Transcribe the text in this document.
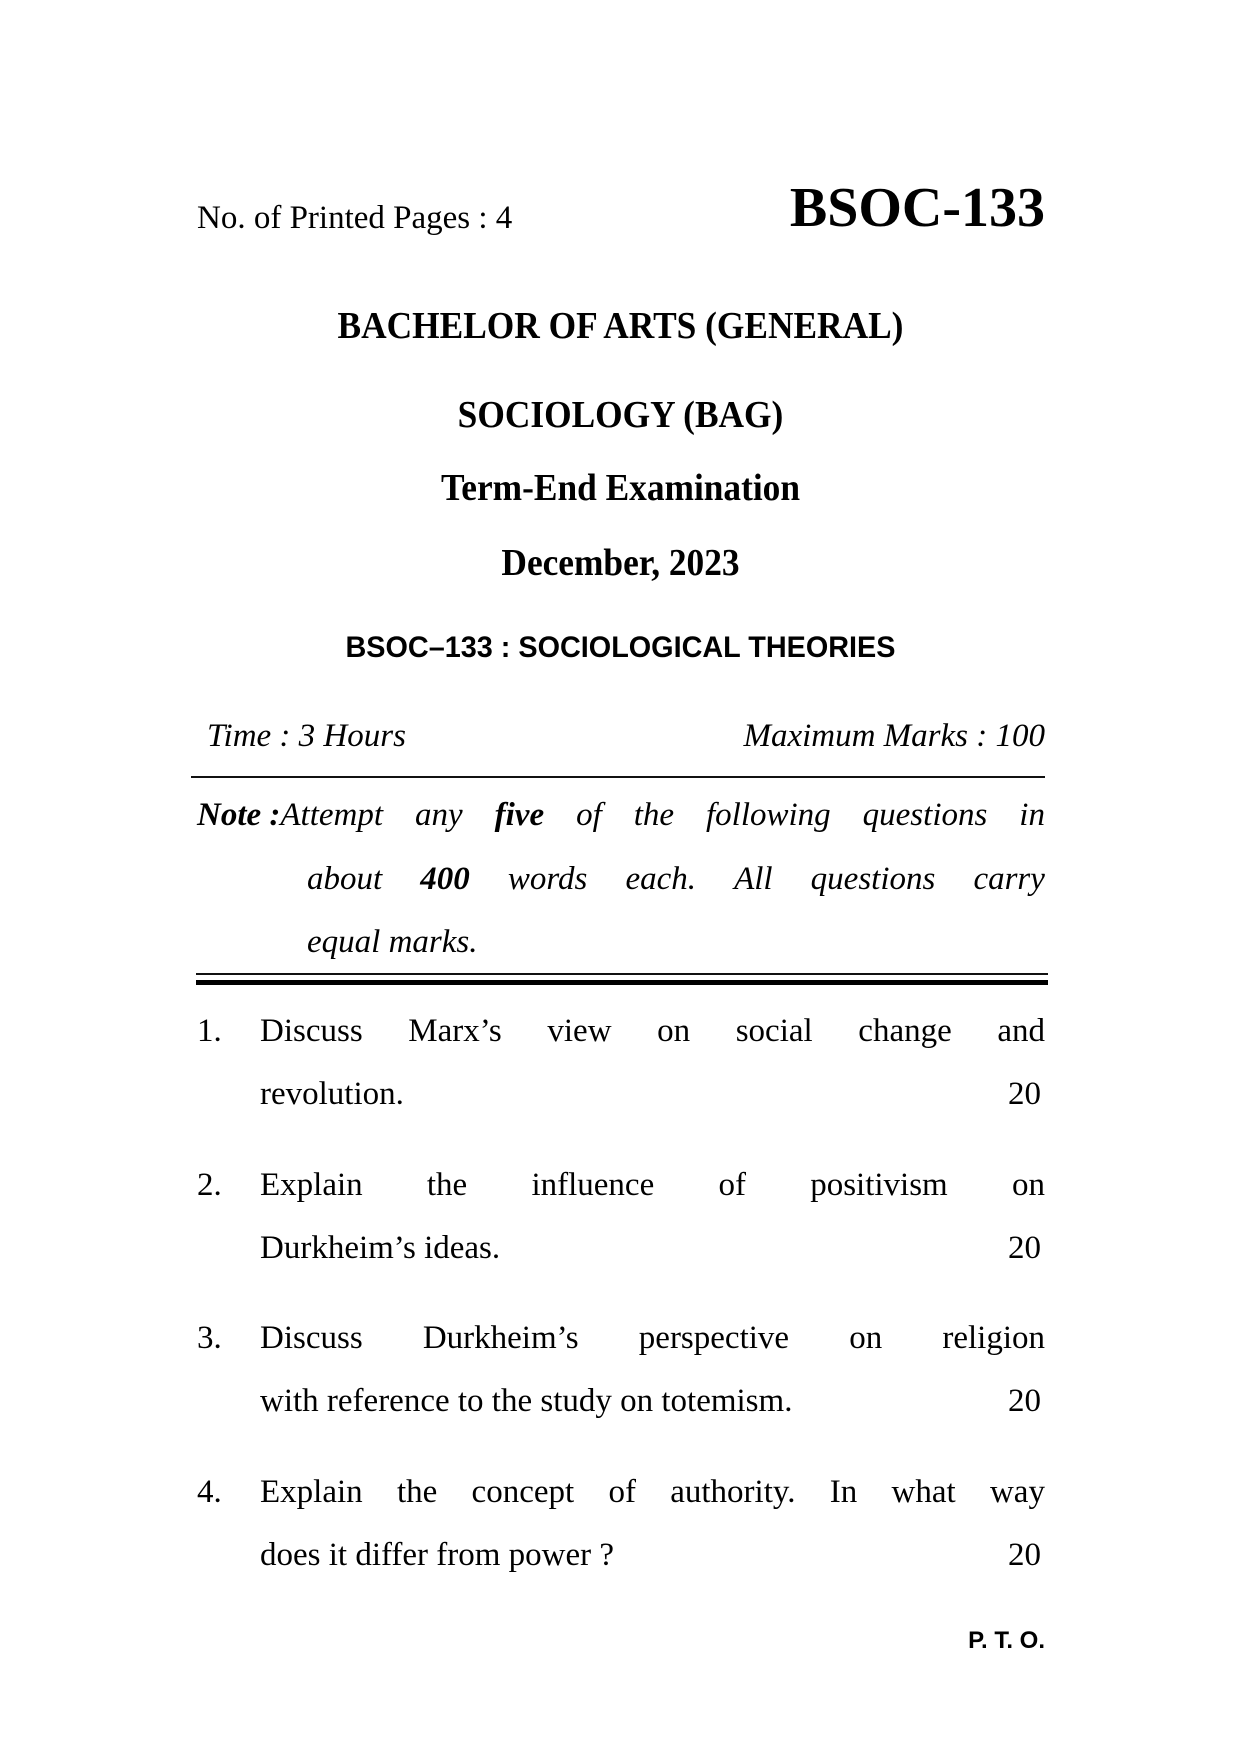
No. of Printed Pages : 4	BSOC-133
BACHELOR OF ARTS (GENERAL)
SOCIOLOGY (BAG)
Term-End Examination
December, 2023
BSOC–133 : SOCIOLOGICAL THEORIES
Time : 3 Hours	Maximum Marks : 100
Note :Attempt any five of the following questions in
about 400 words each. All questions carry
equal marks.
1. Discuss Marx’s view on social change and
revolution.	20
2. Explain the influence of positivism on
Durkheim’s ideas.	20
3. Discuss Durkheim’s perspective on religion
with reference to the study on totemism.	20
4. Explain the concept of authority. In what way
does it differ from power ?	20
P. T. O.
